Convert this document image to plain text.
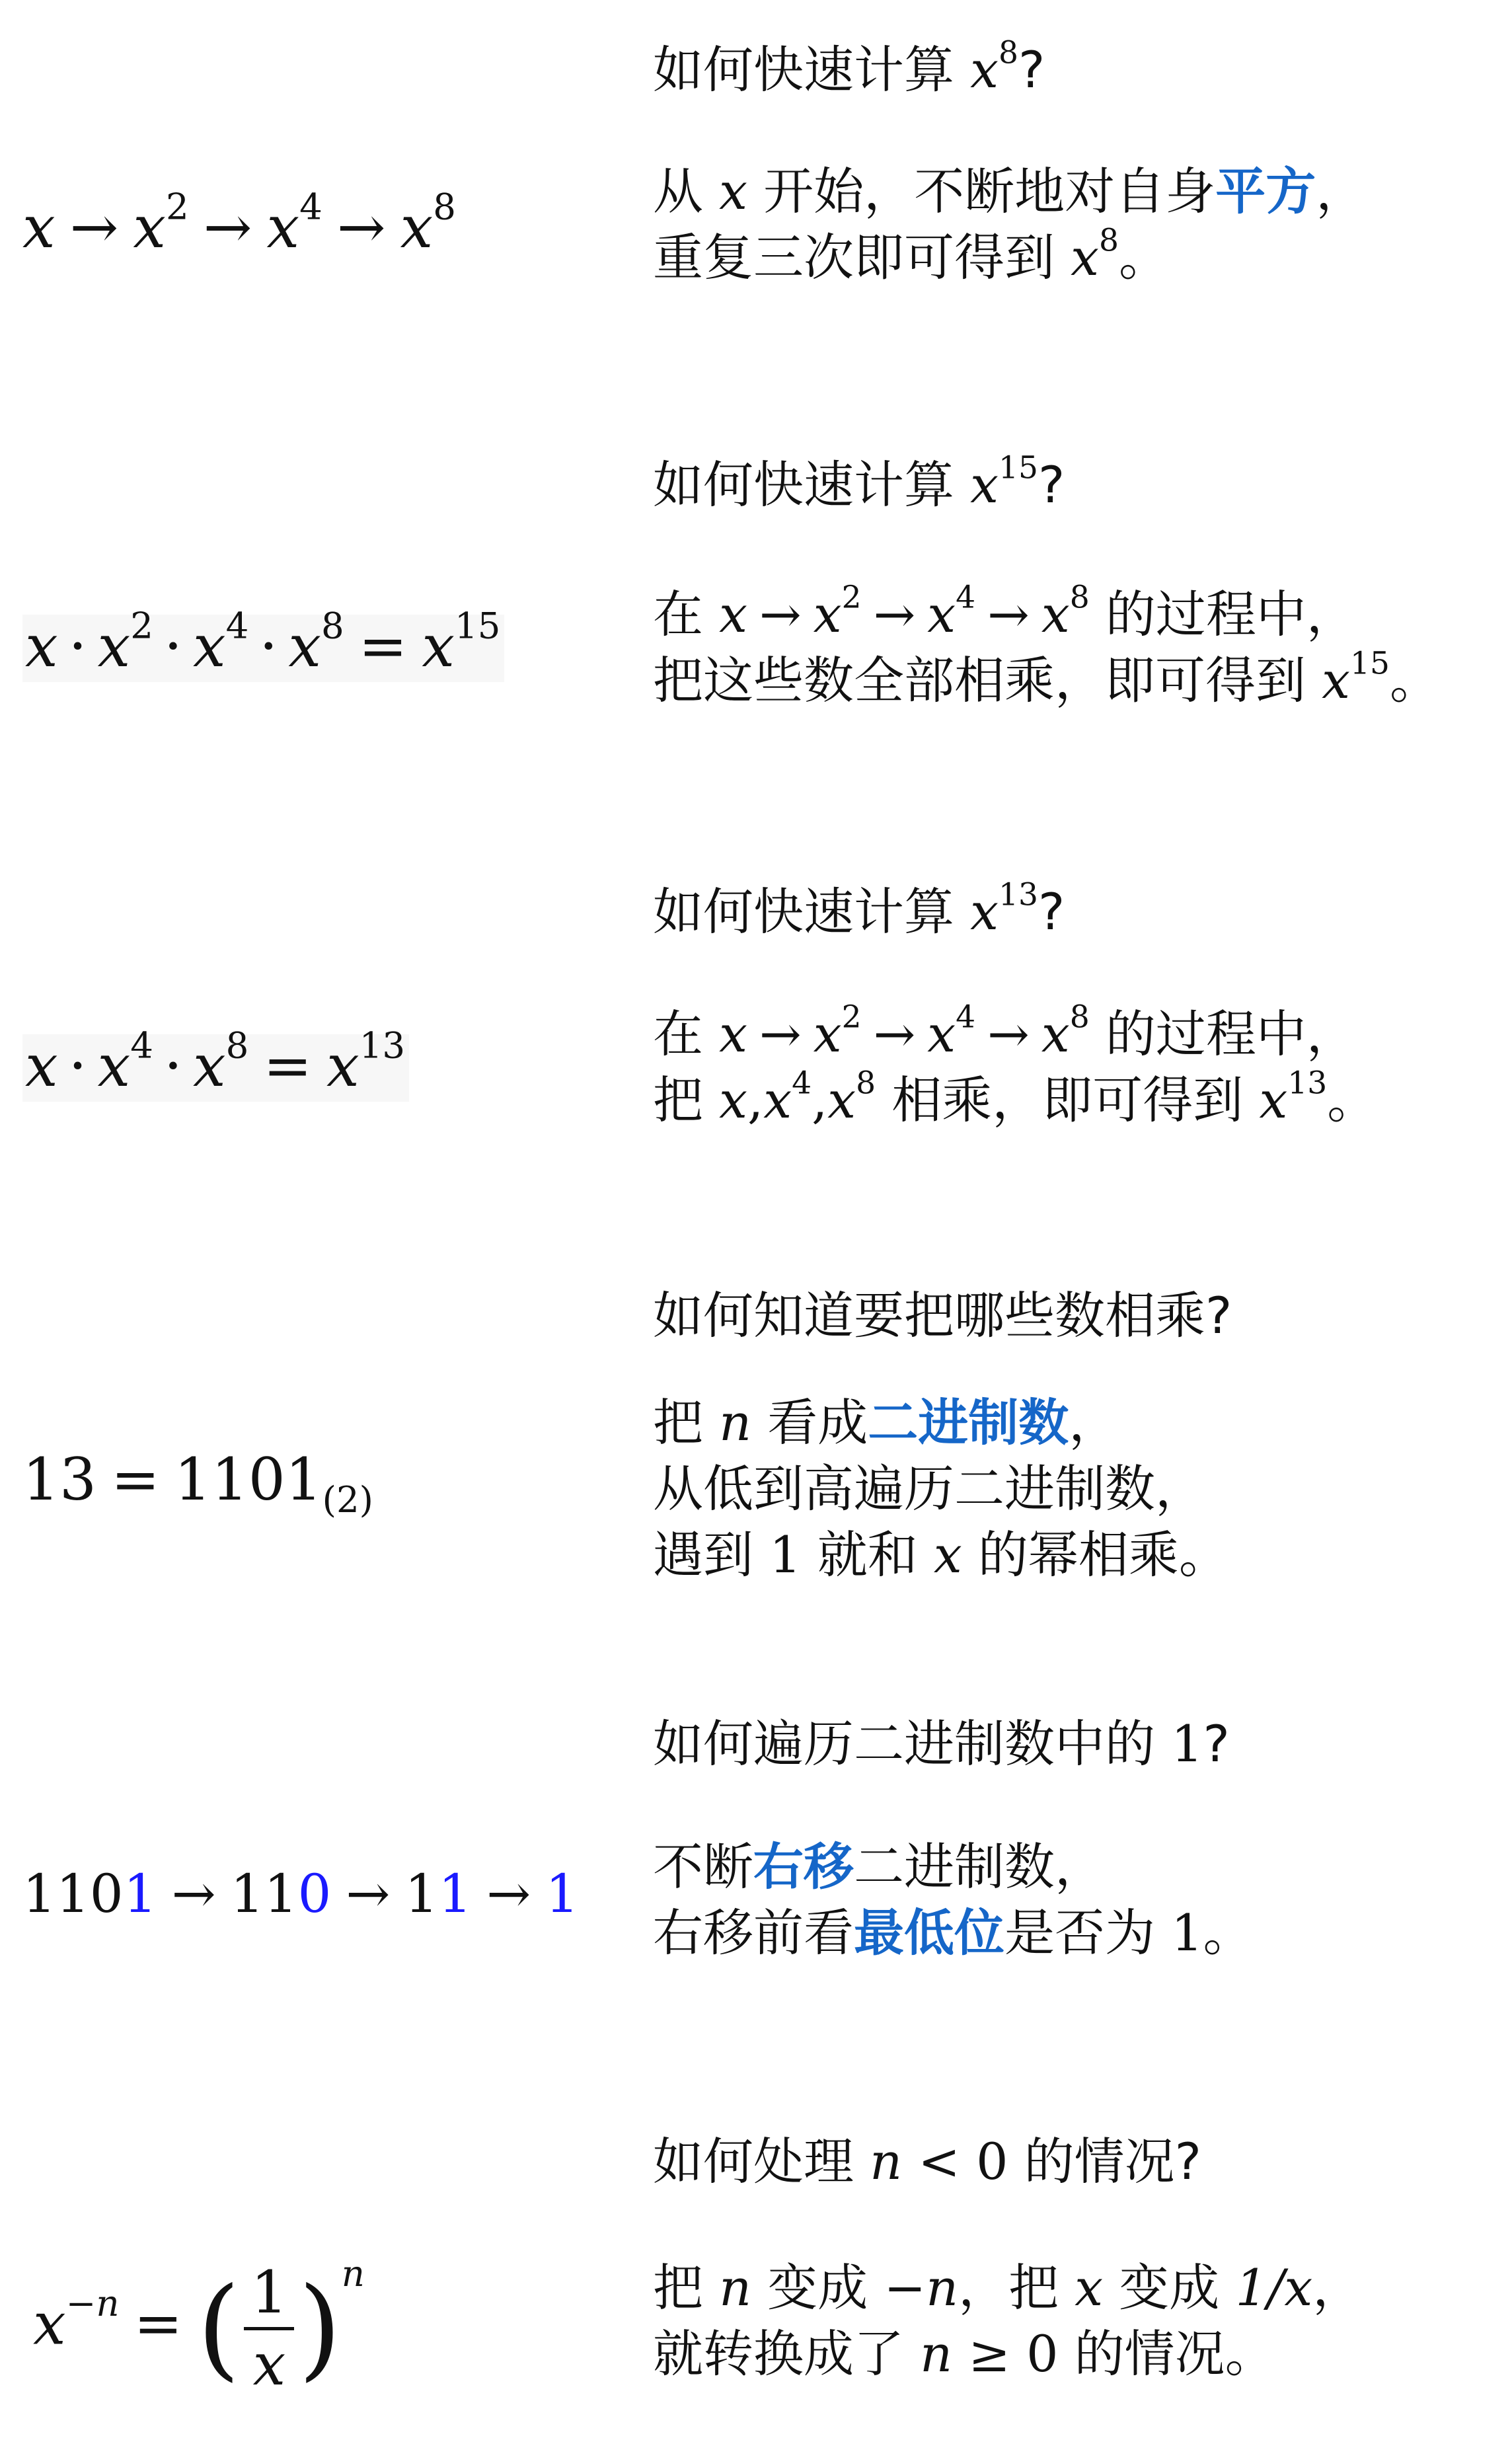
如何快速计算 $x^8$?
从 x 开始，不断地对自身平方，
重复三次即可得到 $x^8$。
$x \to x^2 \to x^4 \to x^8$
如何快速计算 $x^{15}$?
在 $x \to x^2 \to x^4 \to x^8$ 的过程中，
把这些数全部相乘，即可得到 $x^{15}$。
$x \cdot x^2 \cdot x^4 \cdot x^8 = x^{15}$
如何快速计算 $x^{13}$?
在 $x \to x^2 \to x^4 \to x^8$ 的过程中，
把 $x,x^4,x^8$ 相乘，即可得到 $x^{13}$。
$x \cdot x^4 \cdot x^8 = x^{13}$
如何知道要把哪些数相乘?
把 n 看成二进制数，
从低到高遍历二进制数，
遇到 1 就和 x 的幂相乘。
$13 = 1101_{(2)}$
如何遍历二进制数中的 1?
不断右移二进制数，
右移前看最低位是否为 1。
1101 → 110 → 11 → 1
如何处理 n < 0 的情况?
把 n 变成 −n，把 x 变成 1/x，
就转换成了 n ≥ 0 的情况。
$x^{-n}$ = ( $\frac{1}{x} )^n$
